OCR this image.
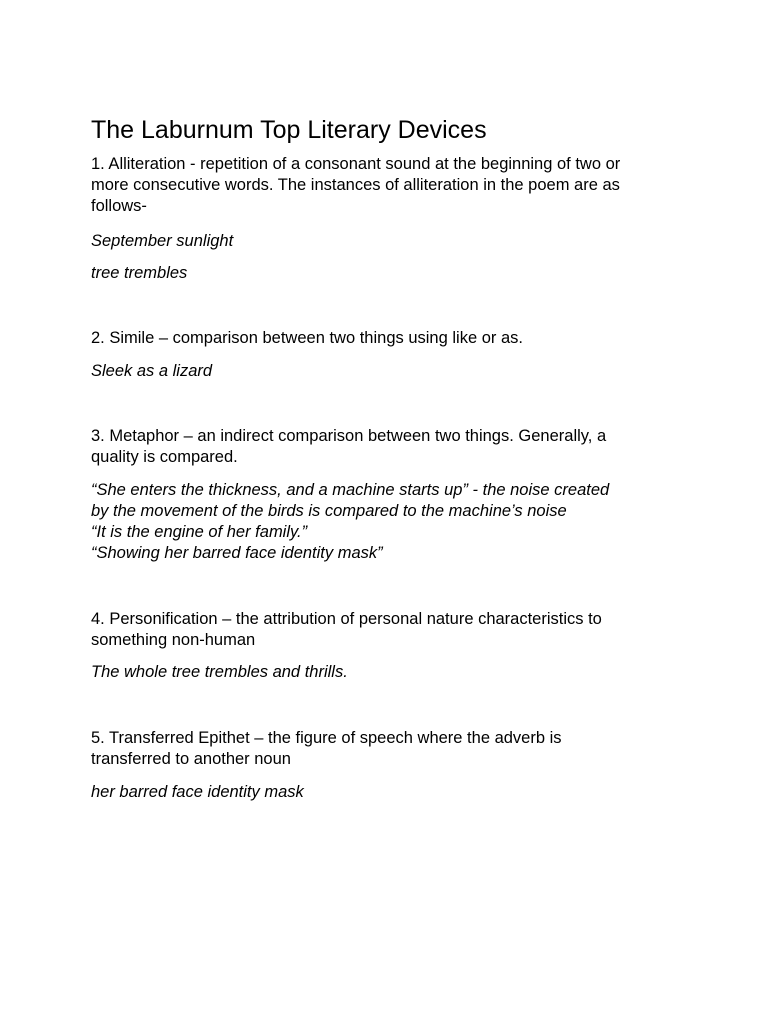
The Laburnum Top Literary Devices

1. Alliteration - repetition of a consonant sound at the beginning of two or
more consecutive words. The instances of alliteration in the poem are as
follows-

September sunlight

tree trembles

2. Simile – comparison between two things using like or as.

Sleek as a lizard

3. Metaphor – an indirect comparison between two things. Generally, a
quality is compared.

“She enters the thickness, and a machine starts up” - the noise created
by the movement of the birds is compared to the machine’s noise
“It is the engine of her family.”
“Showing her barred face identity mask”

4. Personification – the attribution of personal nature characteristics to
something non-human

The whole tree trembles and thrills.

5. Transferred Epithet – the figure of speech where the adverb is
transferred to another noun

her barred face identity mask
